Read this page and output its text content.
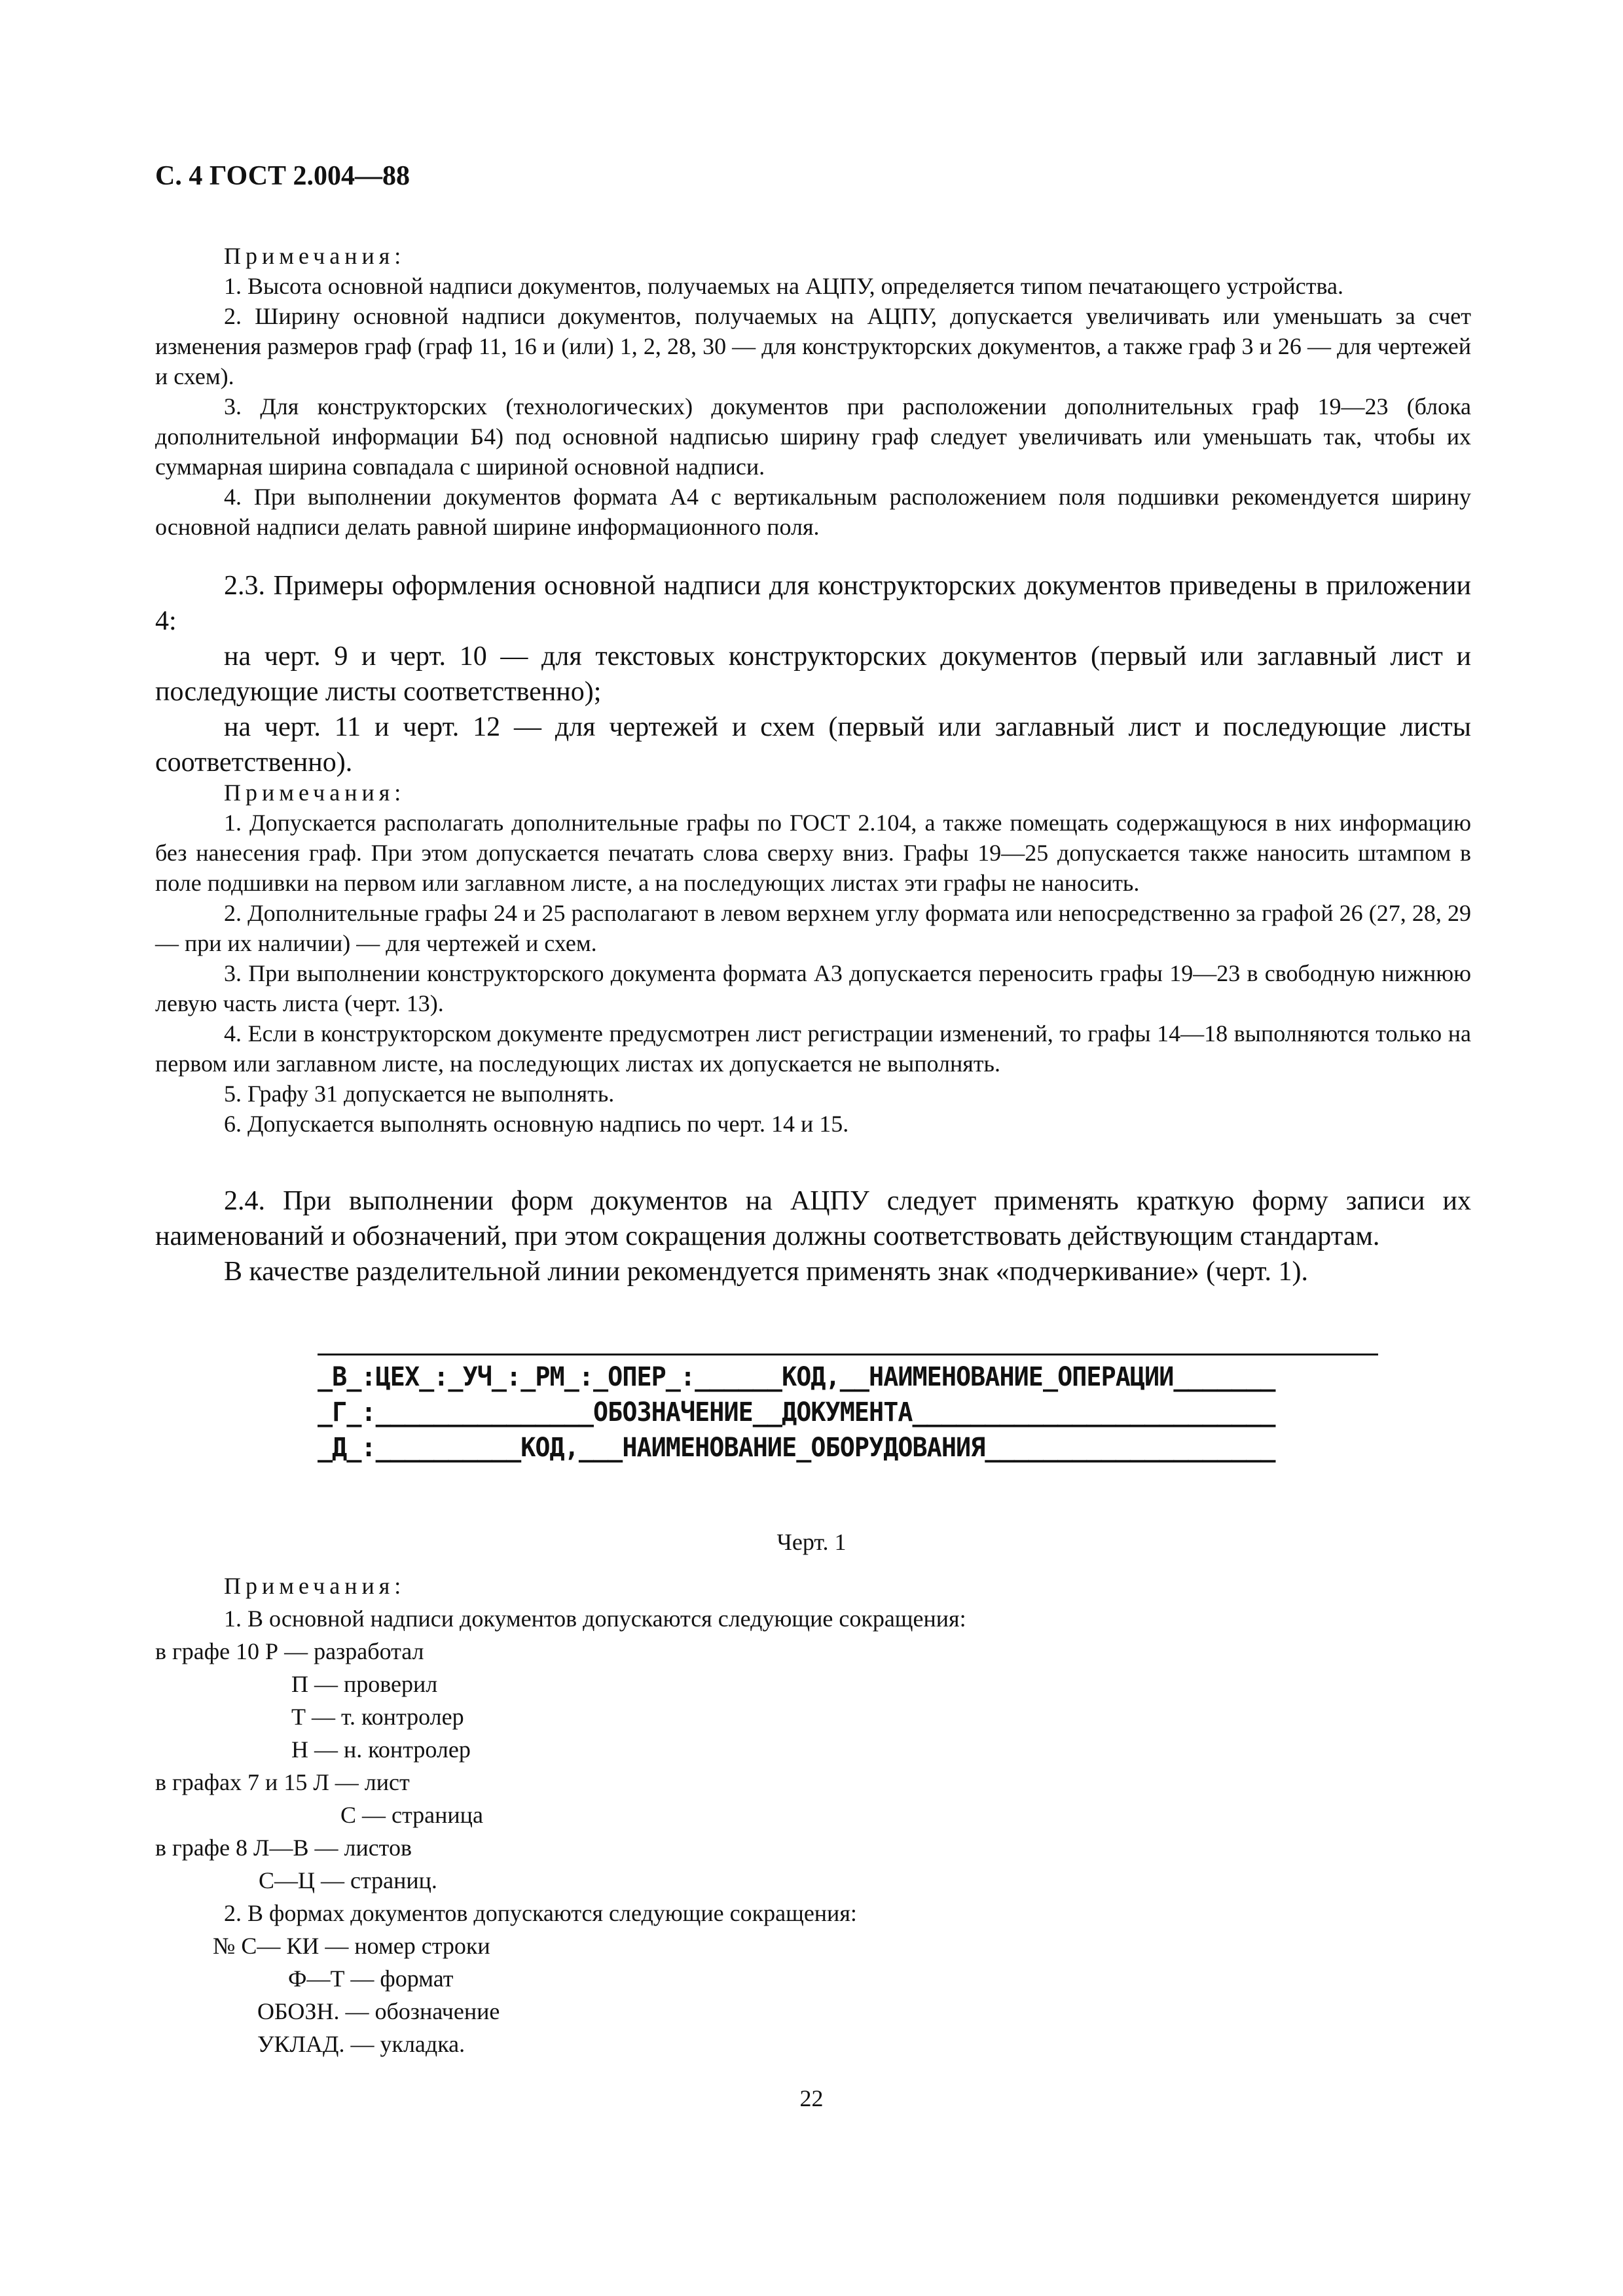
С. 4 ГОСТ 2.004—88

Примечания:

1. Высота основной надписи документов, получаемых на АЦПУ, определяется типом печатающего устройства.

2. Ширину основной надписи документов, получаемых на АЦПУ, допускается увеличивать или уменьшать за счет изменения размеров граф (граф 11, 16 и (или) 1, 2, 28, 30 — для конструкторских документов, а также граф 3 и 26 — для чертежей и схем).

3. Для конструкторских (технологических) документов при расположении дополнительных граф 19—23 (блока дополнительной информации Б4) под основной надписью ширину граф следует увеличивать или уменьшать так, чтобы их суммарная ширина совпадала с шириной основной надписи.

4. При выполнении документов формата А4 с вертикальным расположением поля подшивки рекомендуется ширину основной надписи делать равной ширине информационного поля.

2.3. Примеры оформления основной надписи для конструкторских документов приведены в приложении 4:

на черт. 9 и черт. 10 — для текстовых конструкторских документов (первый или заглавный лист и последующие листы соответственно);

на черт. 11 и черт. 12 — для чертежей и схем (первый или заглавный лист и последующие листы соответственно).

Примечания:

1. Допускается располагать дополнительные графы по ГОСТ 2.104, а также помещать содержащуюся в них информацию без нанесения граф. При этом допускается печатать слова сверху вниз. Графы 19—25 допускается также наносить штампом в поле подшивки на первом или заглавном листе, а на последующих листах эти графы не наносить.

2. Дополнительные графы 24 и 25 располагают в левом верхнем углу формата или непосредственно за графой 26 (27, 28, 29 — при их наличии) — для чертежей и схем.

3. При выполнении конструкторского документа формата А3 допускается переносить графы 19—23 в свободную нижнюю левую часть листа (черт. 13).

4. Если в конструкторском документе предусмотрен лист регистрации изменений, то графы 14—18 выполняются только на первом или заглавном листе, на последующих листах их допускается не выполнять.

5. Графу 31 допускается не выполнять.

6. Допускается выполнять основную надпись по черт. 14 и 15.

2.4. При выполнении форм документов на АЦПУ следует применять краткую форму записи их наименований и обозначений, при этом сокращения должны соответствовать действующим стандартам.

В качестве разделительной линии рекомендуется применять знак «подчеркивание» (черт. 1).

_В_:ЦЕХ_:_УЧ_:_РМ_:_ОПЕР_:______КОД,__НАИМЕНОВАНИЕ_ОПЕРАЦИИ_______
_Г_:_______________ОБОЗНАЧЕНИЕ__ДОКУМЕНТА_________________________
_Д_:__________КОД,___НАИМЕНОВАНИЕ_ОБОРУДОВАНИЯ____________________
Черт. 1
Примечания:
1. В основной надписи документов допускаются следующие сокращения:
в графе 10 Р — разработал
П — проверил
Т — т. контролер
Н — н. контролер
в графах 7 и 15 Л — лист
С — страница
в графе 8 Л—В — листов
С—Ц — страниц.
2. В формах документов допускаются следующие сокращения:
№ С— КИ — номер строки
Ф—Т — формат
ОБОЗН. — обозначение
УКЛАД. — укладка.
22
